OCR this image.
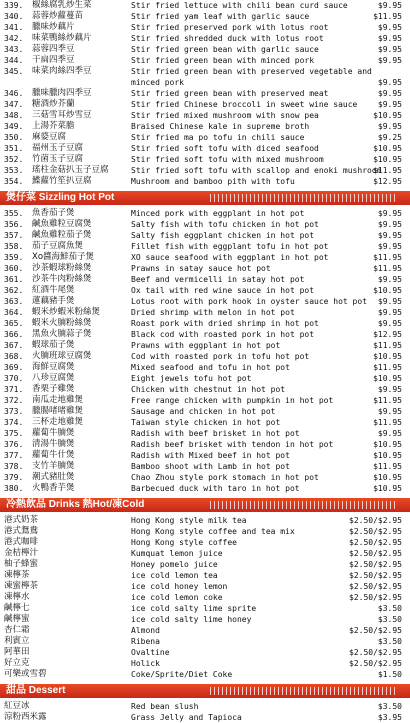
339.	椒絲腐乳炒生菜	Stir fried lettuce with chili bean curd sauce	$9.95
340.	蒜蓉炒蘿蔓苗	Stir fried yam leaf with garlic sauce	$11.95
341.	臘味炒藕片	Stir fried preserved pork with lotus root	$9.95
342.	味菜鴨絲炒藕片	Stir fried shredded duck with lotus root	$9.95
343.	蒜蓉四季豆	Stir fried green bean with garlic sauce	$9.95
344.	干扁四季豆	Stir fried green bean with minced pork	$9.95
345.	味菜肉絲四季豆	Stir fried green bean with preserved vegetable and
minced pork	$9.95
346.	臘味臘肉四季豆	Stir fried green bean with preserved meat	$9.95
347.	糖酒炒芥蘭	Stir fried Chinese broccoli in sweet wine sauce	$9.95
348.	三菇雪耳炒雪豆	Stir fried mixed mushroom with snow pea	$10.95
349.	上湯芥菜膽	Braised Chinese kale in supreme broth	$9.95
350.	麻婆豆腐	Stir fried ma po tofu in chili sauce	$9.25
351.	福州玉子豆腐	Stir fried soft tofu with diced seafood	$10.95
352.	竹菌玉子豆腐	Stir fried soft tofu with mixed mushroom	$10.95
353.	瑤柱金菇扒玉子豆腐	Stir fried soft tofu with scallop and enoki mushroom
$11.95
354.	鰈蘿竹笙扒豆腐	Mushroom and bamboo pith with tofu	$12.95
煲仔菜 Sizzling Hot Pot
355.	魚香茄子煲	Minced pork with eggplant in hot pot	$9.95
356.	鹹魚雞粒豆腐煲	Salty fish with tofu chicken in hot pot	$9.95
357.	鹹魚雞粒茄子煲	Salty fish eggplant chicken in hot pot	$9.95
358.	茄子豆腐魚煲	Fillet fish with eggplant tofu in hot pot	$9.95
359.	Xo醬海鮮茄子煲	XO sauce seafood with eggplant in hot pot	$11.95
360.	沙茶蝦球粉絲煲	Prawns in satay sauce hot pot	$11.95
361.	沙茶牛肉粉絲煲	Beef and vermicelli in satay hot pot	$9.95
362.	紅酒牛尾煲	Ox tail with red wine sauce in hot pot	$10.95
363.	蓮藕豬手煲	Lotus root with pork hook in oyster sauce hot pot $9.95
364.	蝦米炒蝦米粉絲煲	Dried shrimp with melon in hot pot	$9.95
365.	蝦米火腩粉絲煲	Roast pork with dried shrimp in hot pot	$9.95
366.	黑魚火腩蒜子煲	Black cod with roasted pork in hot pot	$12.95
367.	蝦球茄子煲	Prawns with eggplant in hot pot	$11.95
368.	火腩班球豆腐煲	Cod with roasted pork in tofu hot pot	$10.95
369.	海鮮豆腐煲	Mixed seafood and tofu in hot pot	$11.95
370.	八珍豆腐煲	Eight jewels tofu hot pot	$10.95
371.	香栗子雞煲	Chicken with chestnut in hot pot	$9.95
372.	南瓜走地雞煲	Free range chicken with pumpkin in hot pot	$11.95
373.	臘腸啫啫雞煲	Sausage and chicken in hot pot	$9.95
374.	三杯走地雞煲	Taiwan style chicken in hot pot	$11.95
375.	蘿蔔牛腩煲	Radish with beef brisket in hot pot	$9.95
376.	清湯牛腩煲	Radish beef brisket with tendon in hot pot	$10.95
377.	蘿蔔牛什煲	Radish with Mixed beef in hot pot	$10.95
378.	支竹羊腩煲	Bamboo shoot with Lamb in hot pot	$11.95
379.	潮式豬肚煲	Chao Zhou style pork stomach in hot pot	$10.95
380.	火鴨香芋煲	Barbecued duck with taro in hot pot	$10.95
冷熱飲品 Drinks 熱Hot/凍Cold
港式奶茶	Hong Kong style milk tea	$2.50/$2.95
港式鴛鴦	Hong Kong style coffee and tea mix	$2.50/$2.95
港式咖啡	Hong Kong style coffee	$2.50/$2.95
金桔檸汁	Kumquat lemon juice	$2.50/$2.95
柚子蜂蜜	Honey pomelo juice	$2.50/$2.95
凍檸茶	ice cold lemon tea	$2.50/$2.95
凍蜜檸茶	ice cold honey lemon	$2.50/$2.95
凍檸水	ice cold lemon coke	$2.50/$2.95
鹹檸七	ice cold salty lime sprite	$3.50
鹹檸蜜	ice cold salty lime honey	$3.50
杏仁霜	Almond	$2.50/$2.95
利賓立	Ribena	$3.50
阿華田	Ovaltine	$2.50/$2.95
好立克	Holick	$2.50/$2.95
可樂或雪碧	Coke/Sprite/Diet Coke	$1.50
甜品 Dessert
紅豆冰	Red bean slush	$3.50
涼粉西米露	Grass Jelly and Tapioca	$3.95
